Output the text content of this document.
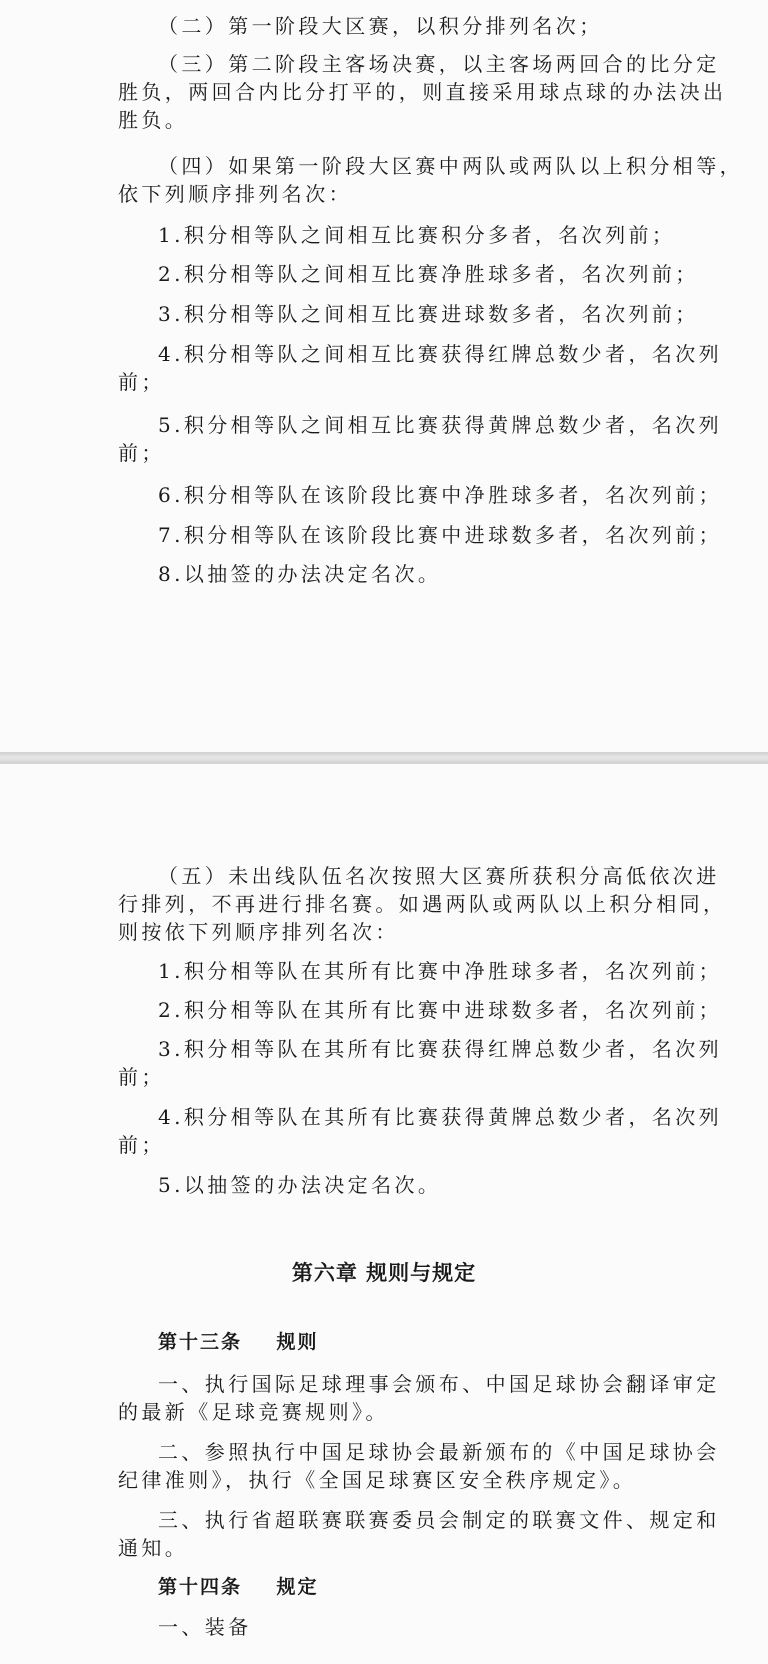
（二）第一阶段大区赛，以积分排列名次；

（三）第二阶段主客场决赛，以主客场两回合的比分定

胜负，两回合内比分打平的，则直接采用球点球的办法决出

胜负。

（四）如果第一阶段大区赛中两队或两队以上积分相等，

依下列顺序排列名次：

1.积分相等队之间相互比赛积分多者，名次列前；

2.积分相等队之间相互比赛净胜球多者，名次列前；

3.积分相等队之间相互比赛进球数多者，名次列前；

4.积分相等队之间相互比赛获得红牌总数少者，名次列

前；

5.积分相等队之间相互比赛获得黄牌总数少者，名次列

前；

6.积分相等队在该阶段比赛中净胜球多者，名次列前；

7.积分相等队在该阶段比赛中进球数多者，名次列前；

8.以抽签的办法决定名次。

（五）未出线队伍名次按照大区赛所获积分高低依次进

行排列，不再进行排名赛。如遇两队或两队以上积分相同，

则按依下列顺序排列名次：

1.积分相等队在其所有比赛中净胜球多者，名次列前；

2.积分相等队在其所有比赛中进球数多者，名次列前；

3.积分相等队在其所有比赛获得红牌总数少者，名次列

前；

4.积分相等队在其所有比赛获得黄牌总数少者，名次列

前；

5.以抽签的办法决定名次。

第六章 规则与规定
第十三条    规则

一、执行国际足球理事会颁布、中国足球协会翻译审定

的最新《足球竞赛规则》。

二、参照执行中国足球协会最新颁布的《中国足球协会

纪律准则》，执行《全国足球赛区安全秩序规定》。

三、执行省超联赛联赛委员会制定的联赛文件、规定和

通知。

第十四条    规定

一、装备
